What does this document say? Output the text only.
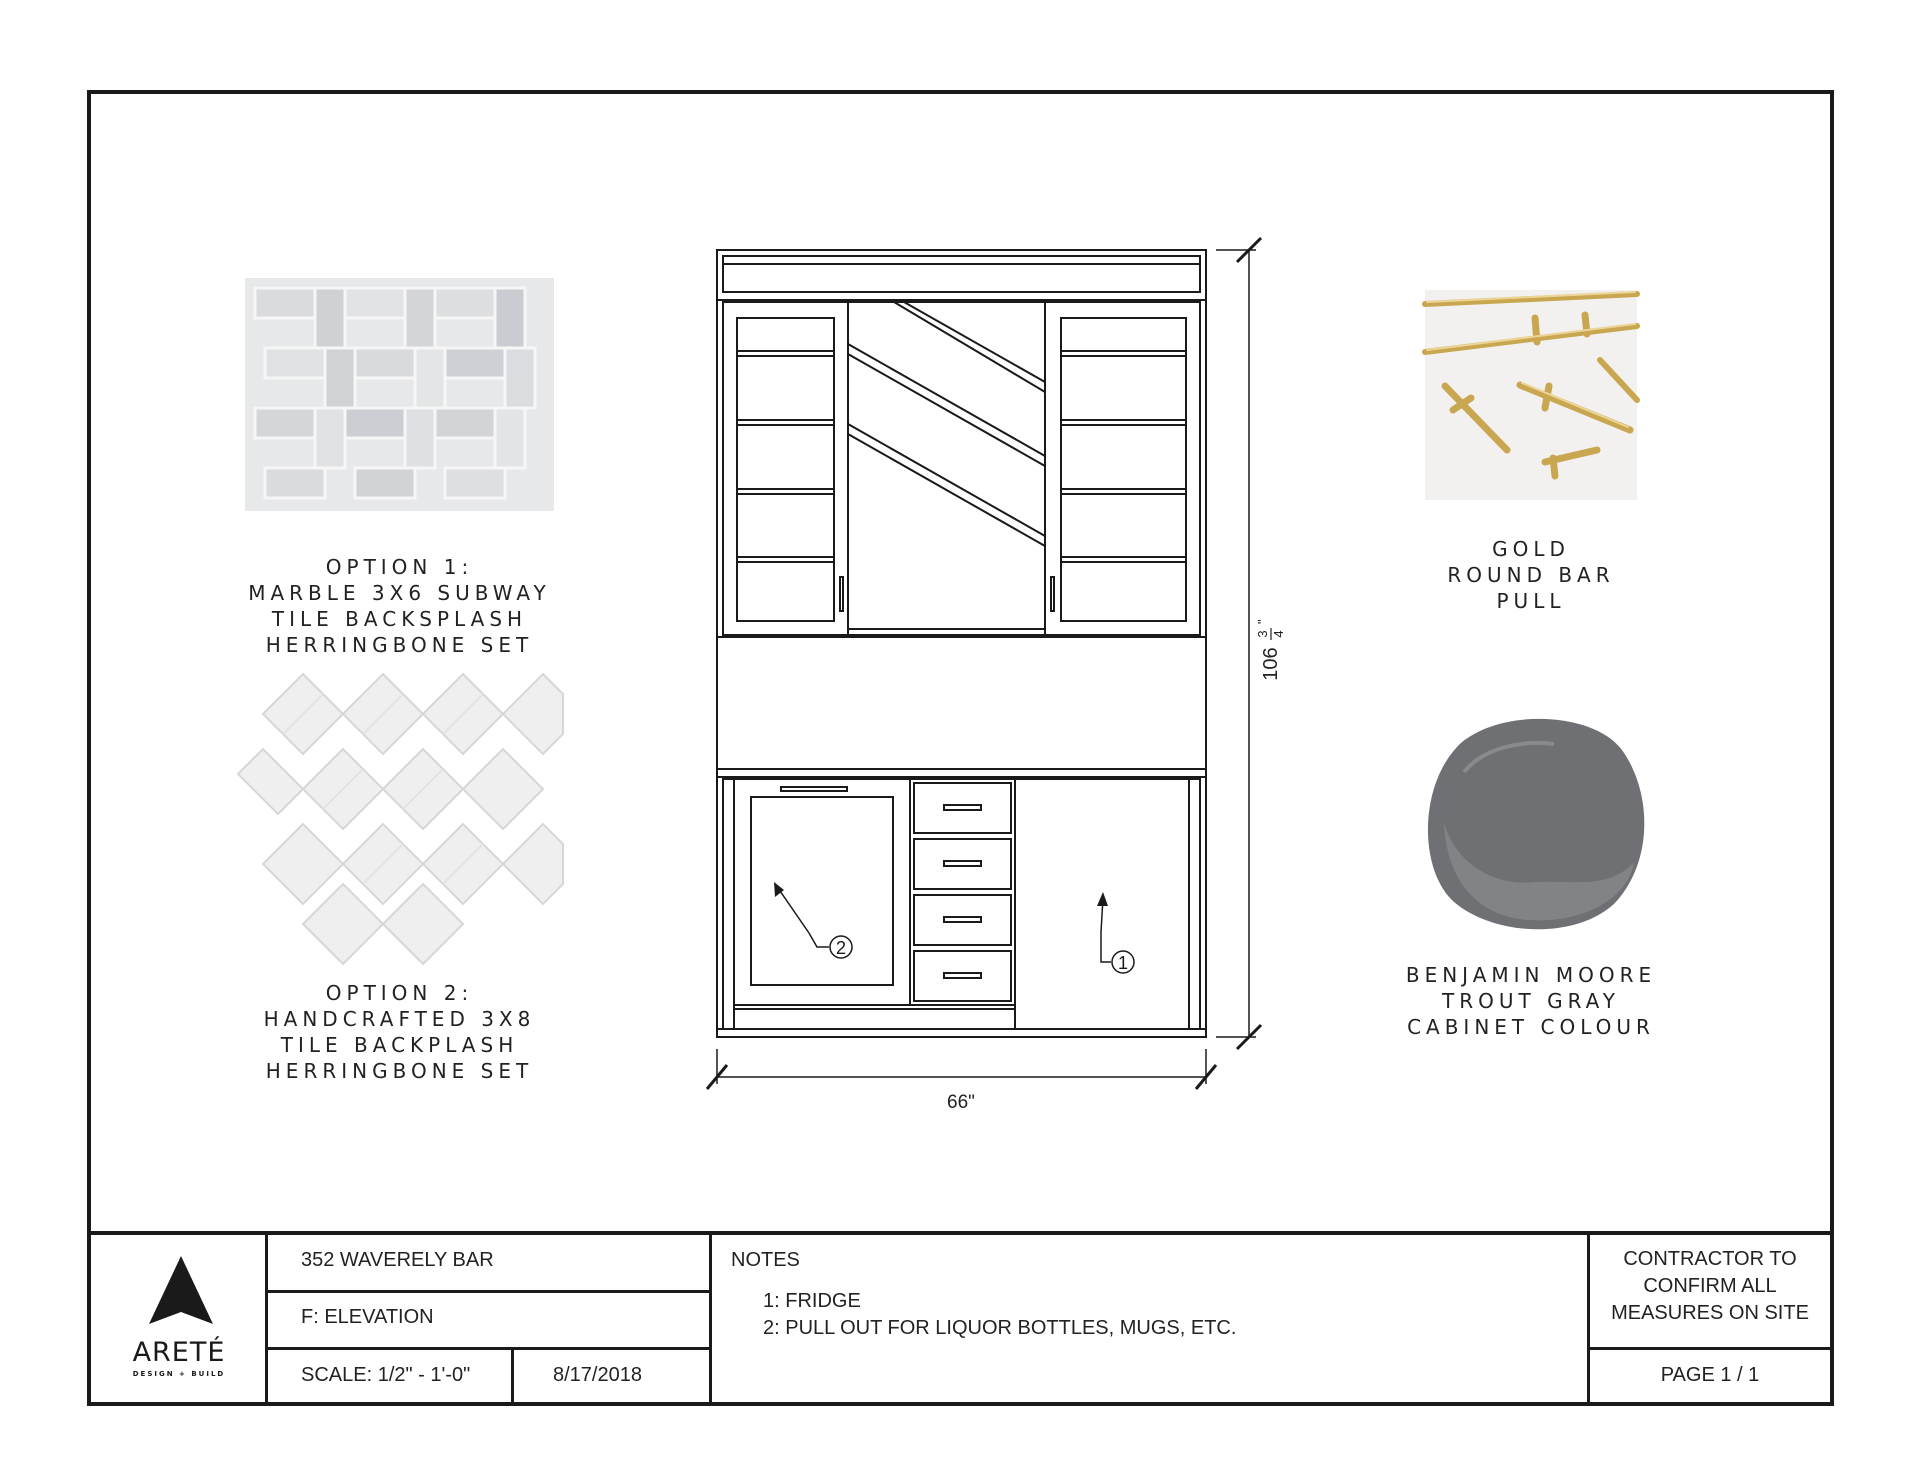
OPTION 1:
MARBLE 3X6 SUBWAY
TILE BACKSPLASH
HERRINGBONE SET
OPTION 2:
HANDCRAFTED 3X8
TILE BACKPLASH
HERRINGBONE SET
GOLD
ROUND BAR
PULL
BENJAMIN MOORE
TROUT GRAY
CABINET COLOUR
2
1
66"
106
3 4
"
ARETÉ
DESIGN + BUILD
352 WAVERELY BAR
F: ELEVATION
SCALE: 1/2" - 1'-0"	8/17/2018
NOTES
1: FRIDGE
2: PULL OUT FOR LIQUOR BOTTLES, MUGS, ETC.
CONTRACTOR TO
CONFIRM ALL
MEASURES ON SITE
PAGE 1 / 1
